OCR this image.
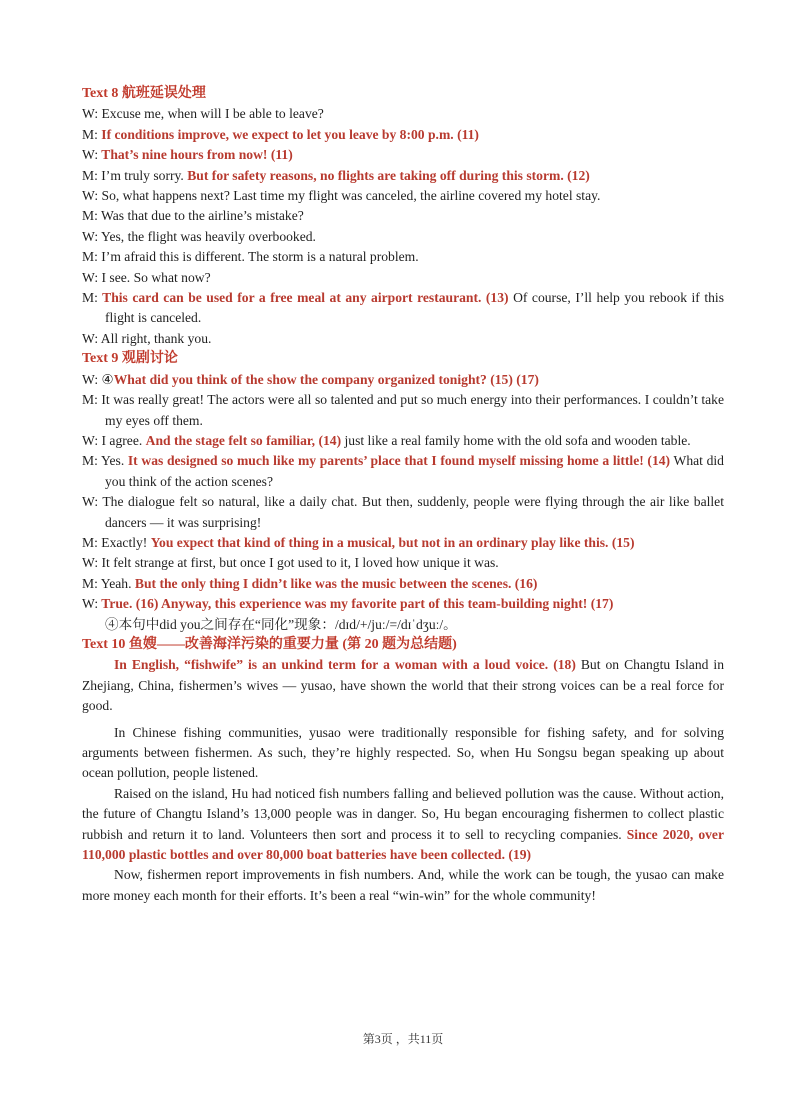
Text 8 航班延误处理

W: Excuse me, when will I be able to leave?

M: If conditions improve, we expect to let you leave by 8:00 p.m. (11)

W: That’s nine hours from now! (11)

M: I’m truly sorry. But for safety reasons, no flights are taking off during this storm. (12)

W: So, what happens next? Last time my flight was canceled, the airline covered my hotel stay.

M: Was that due to the airline’s mistake?

W: Yes, the flight was heavily overbooked.

M: I’m afraid this is different. The storm is a natural problem.

W: I see. So what now?

M: This card can be used for a free meal at any airport restaurant. (13) Of course, I’ll help you rebook if this flight is canceled.

W: All right, thank you.

Text 9 观剧讨论

W: ④What did you think of the show the company organized tonight? (15) (17)

M: It was really great! The actors were all so talented and put so much energy into their performances. I couldn’t take my eyes off them.

W: I agree. And the stage felt so familiar, (14) just like a real family home with the old sofa and wooden table.

M: Yes. It was designed so much like my parents’ place that I found myself missing home a little! (14) What did you think of the action scenes?

W: The dialogue felt so natural, like a daily chat. But then, suddenly, people were flying through the air like ballet dancers — it was surprising!

M: Exactly! You expect that kind of thing in a musical, but not in an ordinary play like this. (15)

W: It felt strange at first, but once I got used to it, I loved how unique it was.

M: Yeah. But the only thing I didn’t like was the music between the scenes. (16)

W: True. (16) Anyway, this experience was my favorite part of this team-building night! (17)

④本句中did you之间存在“同化”现象：/dɪd/+/juː/=/dɪˈdʒuː/。

Text 10 鱼嫂——改善海洋污染的重要力量 (第 20 题为总结题)

In English, “fishwife” is an unkind term for a woman with a loud voice. (18) But on Changtu Island in Zhejiang, China, fishermen’s wives — yusao, have shown the world that their strong voices can be a real force for good.

In Chinese fishing communities, yusao were traditionally responsible for fishing safety, and for solving arguments between fishermen. As such, they’re highly respected. So, when Hu Songsu began speaking up about ocean pollution, people listened.

Raised on the island, Hu had noticed fish numbers falling and believed pollution was the cause. Without action, the future of Changtu Island’s 13,000 people was in danger. So, Hu began encouraging fishermen to collect plastic rubbish and return it to land. Volunteers then sort and process it to sell to recycling companies. Since 2020, over 110,000 plastic bottles and over 80,000 boat batteries have been collected. (19)

Now, fishermen report improvements in fish numbers. And, while the work can be tough, the yusao can make more money each month for their efforts. It’s been a real “win-win” for the whole community!

第3页 ，共11页
